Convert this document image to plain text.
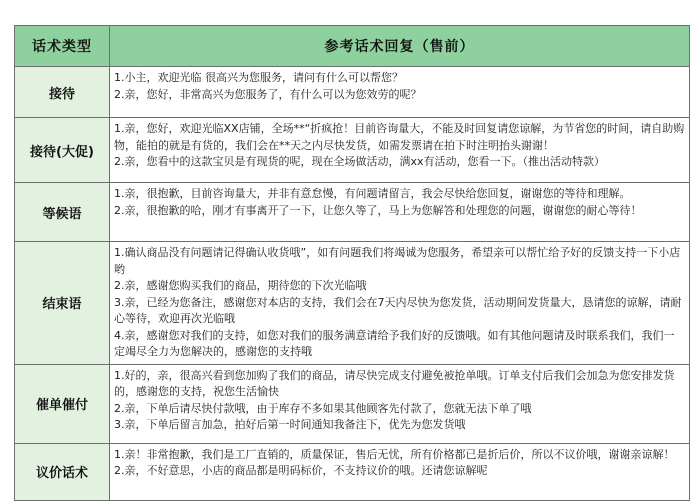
话术类型	参考话术回复（售前）
接待	1.小主，欢迎光临 很高兴为您服务，请问有什么可以帮您？
2.亲，您好，非常高兴为您服务了，有什么可以为您效劳的呢？

接待(大促)	1.亲，您好，欢迎光临XX店铺，全场**“折疯抢！目前咨询量大，不能及时回复请您谅解，为节省您的时间，请自助购物，能拍的就是有货的，我们会在**天之内尽快发货，如需发票请在拍下时注明抬头谢谢！
2.亲，您看中的这款宝贝是有现货的呢，现在全场做活动，满xx有活动，您看一下。（推出活动特款）

等候语	1.亲，很抱歉，目前咨询量大，并非有意怠慢，有问题请留言，我会尽快给您回复，谢谢您的等待和理解。
2.亲，很抱歉的哈，刚才有事离开了一下，让您久等了，马上为您解答和处理您的问题，谢谢您的耐心等待！

结束语	1.确认商品没有问题请记得确认收货哦”，如有问题我们将竭诚为您服务，希望亲可以帮忙给予好的反馈支持一下小店哟
2.亲，感谢您购买我们的商品，期待您的下次光临哦
3.亲，已经为您备注，感谢您对本店的支持，我们会在7天内尽快为您发货，活动期间发货量大，恳请您的谅解，请耐心等待，欢迎再次光临哦
4.亲，感谢您对我们的支持，如您对我们的服务满意请给予我们好的反馈哦。如有其他问题请及时联系我们，我们一定竭尽全力为您解决的，感谢您的支持哦

催单催付	1.好的，亲，很高兴看到您加购了我们的商品，请尽快完成支付避免被抢单哦。订单支付后我们会加急为您安排发货的，感谢您的支持，祝您生活愉快
2.亲，下单后请尽快付款哦，由于库存不多如果其他顾客先付款了，您就无法下单了哦
3.亲，下单后留言加急，拍好后第一时间通知我备注下，优先为您发货哦

议价话术	1.亲！非常抱歉，我们是工厂直销的，质量保证，售后无忧，所有价格都已是折后价，所以不议价哦，谢谢亲谅解！
2.亲，不好意思，小店的商品都是明码标价，不支持议价的哦。还请您谅解呢
